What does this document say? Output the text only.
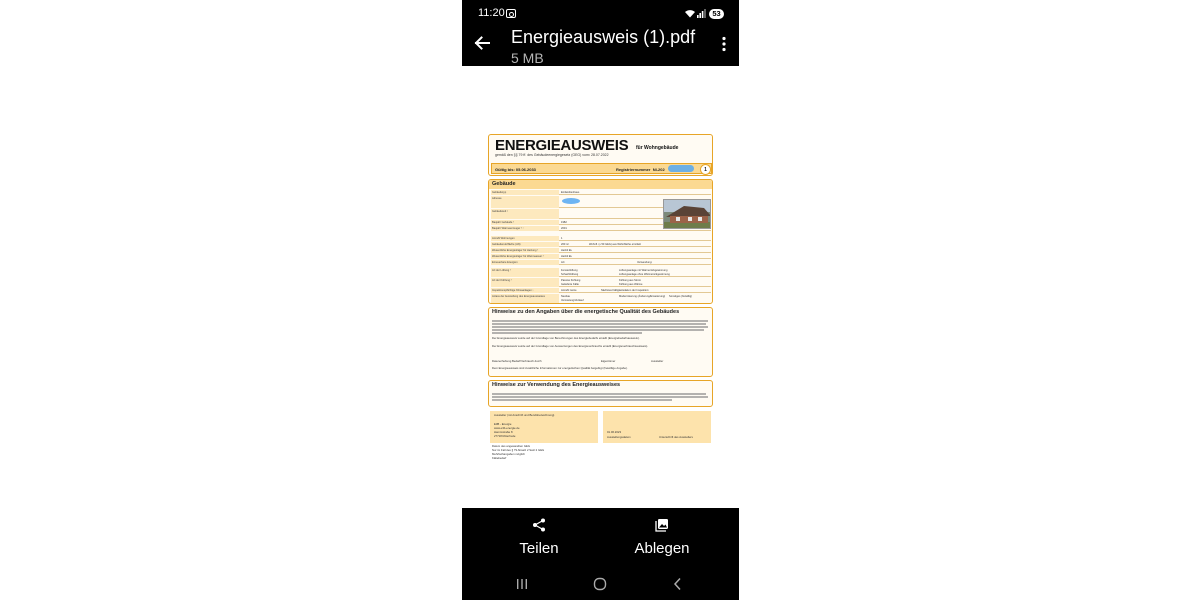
11:20	53
Energieausweis (1).pdf
5 MB
ENERGIEAUSWEIS für Wohngebäude
gemäß den §§ 79 ff. des Gebäudeenergiegesetz (GEG) vom¹ 28.07.2022
Gültig bis: 05.06.2033	Registriernummer NI-202	1
Gebäude
Gebäudetyp	Einfamilienhaus
Adresse
Gebäudeteil ²
Baujahr Gebäude ³	1982
Baujahr Wärmeerzeuger ³ ⁴	2001
Anzahl Wohnungen	1
Gebäudenutzfläche (AN)	260 m²	Wohnfl. (≥ 50 GEG) aus Wohnfläche ermittelt
Wesentliche Energieträger für Heizung ³	Heizöl EL
Wesentliche Energieträger für Warmwasser ³	Heizöl EL
Erneuerbare Energien	Art:	Verwendung:
Art der Lüftung ³	Fensterlüftung	Lüftungsanlage mit Wärmerückgewinnung
Schachtlüftung	Lüftungsanlage ohne Wärmerückgewinnung
Art der Kühlung ³	Passive Kühlung	Kühlung aus Strom
Gelieferte Kälte	Kühlung aus Wärme
Inspektionspflichtige Klimaanlagen ⁵	Anzahl: keine	Nächstes Fälligkeitsdatum der Inspektion:
Anlass der Ausstellung des Energieausweises	Neubau	Modernisierung (Änderung/Erweiterung) Sonstiges (freiwillig)
Vermietung/Verkauf
Hinweise zu den Angaben über die energetische Qualität des Gebäudes
Der Energieausweis wurde auf der Grundlage von Berechnungen des Energiebedarfs erstellt (Energiebedarfsausweis).
Der Energieausweis wurde auf der Grundlage von Auswertungen des Energieverbrauchs erstellt (Energieverbrauchsausweis).
Datenerhebung Bedarf/Verbrauch durch	Eigentümer	Aussteller
Dem Energieausweis sind zusätzliche Informationen zur energetischen Qualität beigefügt (freiwillige Angabe).
Hinweise zur Verwendung des Energieausweises
Aussteller (mit Anschrift und Berufsbezeichnung)
E3B - Energie
www.e3b-energie.de
Hammstraße 8
27718 Ritterhude
01.06.2023
Ausstellungsdatum	Unterschrift des Ausstellers
Datum des angewandten GEG
Nur im Fall des § 79 Absatz 2 Satz 2 GEG
Mehrfachangaben möglich
Kältebedarf
Teilen	Ablegen
